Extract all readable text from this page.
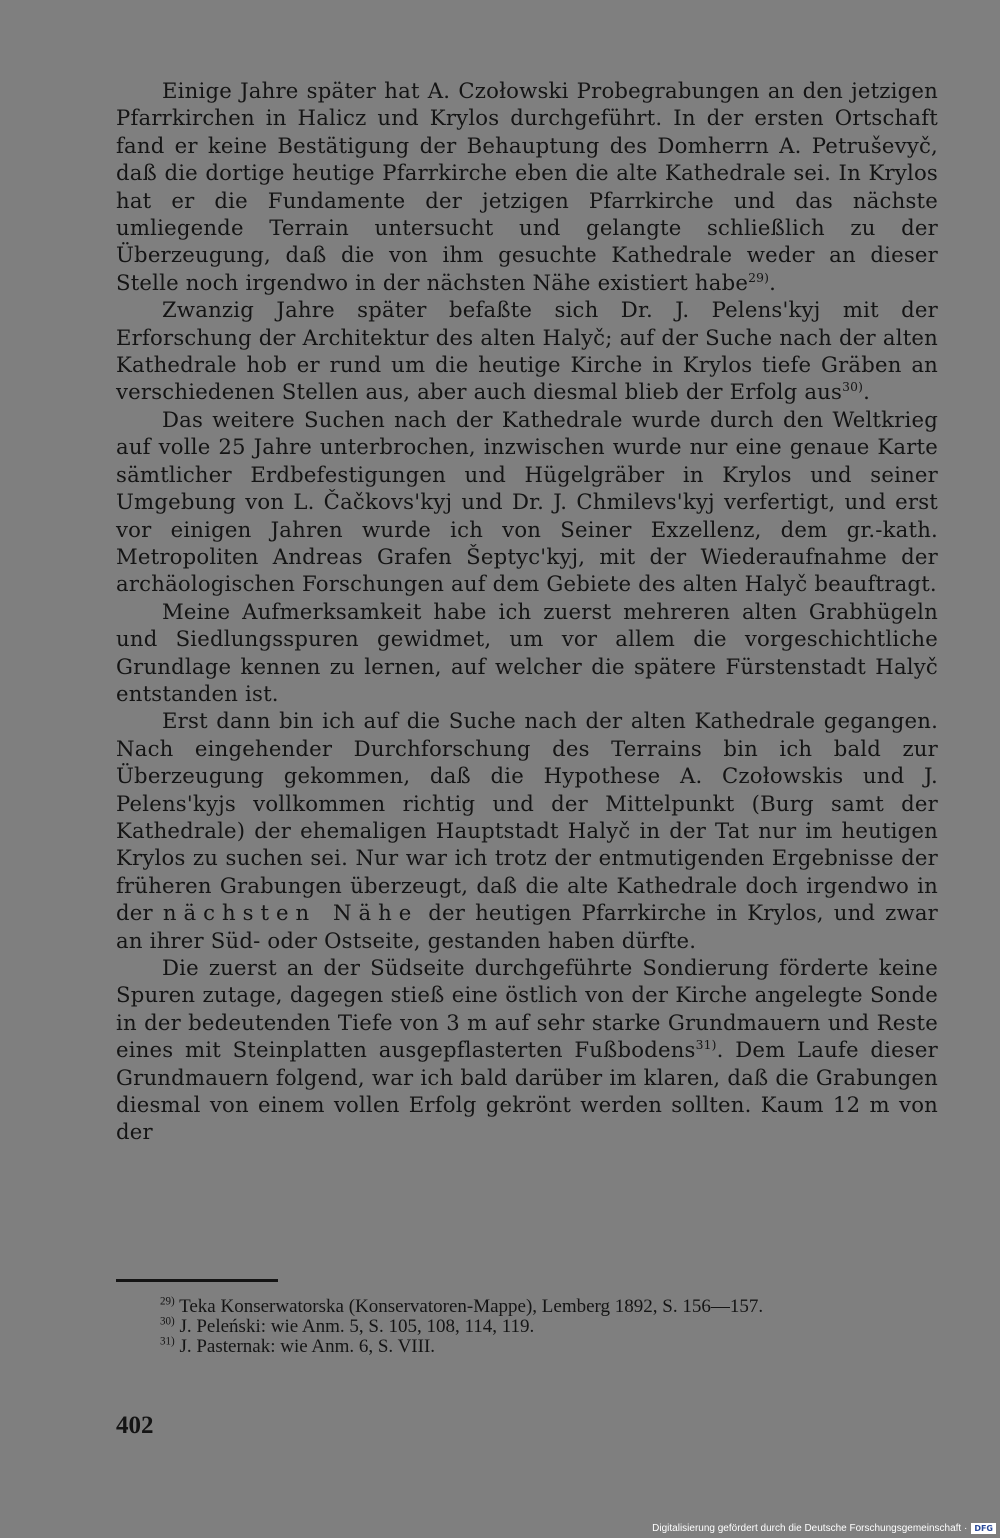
Einige Jahre später hat A. Czołowski Probegrabungen an den jetzigen Pfarrkirchen in Halicz und Krylos durchgeführt. In der ersten Ortschaft fand er keine Bestätigung der Behauptung des Domherrn A. Petruševyč, daß die dortige heutige Pfarrkirche eben die alte Kathedrale sei. In Krylos hat er die Fundamente der jetzigen Pfarrkirche und das nächste umliegende Terrain untersucht und gelangte schließlich zu der Überzeugung, daß die von ihm gesuchte Kathedrale weder an dieser Stelle noch irgendwo in der nächsten Nähe existiert habe$^{29)}$.

Zwanzig Jahre später befaßte sich Dr. J. Pelens'kyj mit der Erforschung der Architektur des alten Halyč; auf der Suche nach der alten Kathedrale hob er rund um die heutige Kirche in Krylos tiefe Gräben an verschiedenen Stellen aus, aber auch diesmal blieb der Erfolg aus$^{30)}$.

Das weitere Suchen nach der Kathedrale wurde durch den Weltkrieg auf volle 25 Jahre unterbrochen, inzwischen wurde nur eine genaue Karte sämtlicher Erdbefestigungen und Hügelgräber in Krylos und seiner Umgebung von L. Čačkovs'kyj und Dr. J. Chmilevs'kyj verfertigt, und erst vor einigen Jahren wurde ich von Seiner Exzellenz, dem gr.-kath. Metropoliten Andreas Grafen Šeptyc'kyj, mit der Wiederaufnahme der archäologischen Forschungen auf dem Gebiete des alten Halyč beauftragt.

Meine Aufmerksamkeit habe ich zuerst mehreren alten Grabhügeln und Siedlungsspuren gewidmet, um vor allem die vorgeschichtliche Grundlage kennen zu lernen, auf welcher die spätere Fürstenstadt Halyč entstanden ist.

Erst dann bin ich auf die Suche nach der alten Kathedrale gegangen. Nach eingehender Durchforschung des Terrains bin ich bald zur Überzeugung gekommen, daß die Hypothese A. Czołowskis und J. Pelens'kyjs vollkommen richtig und der Mittelpunkt (Burg samt der Kathedrale) der ehemaligen Hauptstadt Halyč in der Tat nur im heutigen Krylos zu suchen sei. Nur war ich trotz der entmutigenden Ergebnisse der früheren Grabungen überzeugt, daß die alte Kathedrale doch irgendwo in der nächsten Nähe der heutigen Pfarrkirche in Krylos, und zwar an ihrer Süd- oder Ostseite, gestanden haben dürfte.

Die zuerst an der Südseite durchgeführte Sondierung förderte keine Spuren zutage, dagegen stieß eine östlich von der Kirche angelegte Sonde in der bedeutenden Tiefe von 3 m auf sehr starke Grundmauern und Reste eines mit Steinplatten ausgepflasterten Fußbodens$^{31)}$. Dem Laufe dieser Grundmauern folgend, war ich bald darüber im klaren, daß die Grabungen diesmal von einem vollen Erfolg gekrönt werden sollten. Kaum 12 m von der

$^{29)}$ Teka Konserwatorska (Konservatoren-Mappe), Lemberg 1892, S. 156—157.

$^{30)}$ J. Peleński: wie Anm. 5, S. 105, 108, 114, 119.

$^{31)}$ J. Pasternak: wie Anm. 6, S. VIII.

402
Digitalisierung gefördert durch die Deutsche Forschungsgemeinschaft · DFG
